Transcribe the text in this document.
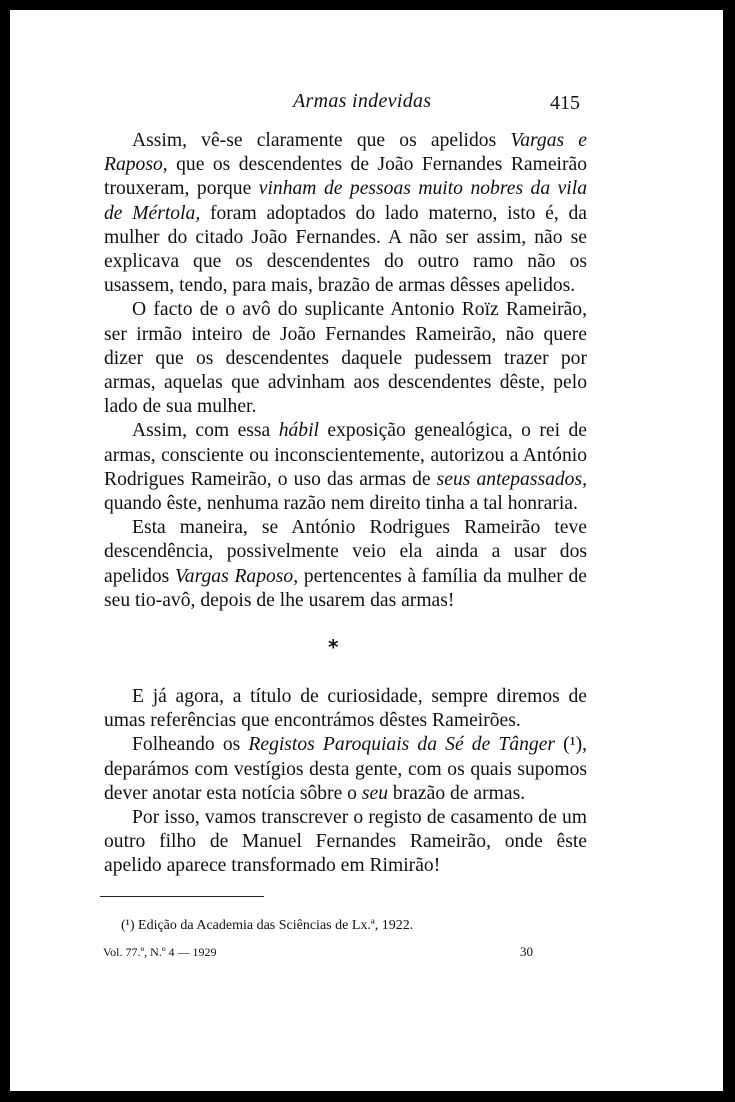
Armas indevidas	415

Assim, vê-se claramente que os apelidos Vargas e Raposo, que os descendentes de João Fernandes Rameirão trouxeram, porque vinham de pessoas muito nobres da vila de Mértola, foram adoptados do lado materno, isto é, da mulher do citado João Fernandes. A não ser assim, não se explicava que os descendentes do outro ramo não os usassem, tendo, para mais, brazão de armas dêsses apelidos.

O facto de o avô do suplicante Antonio Roïz Rameirão, ser irmão inteiro de João Fernandes Rameirão, não quere dizer que os descendentes daquele pudessem trazer por armas, aquelas que advinham aos descendentes dêste, pelo lado de sua mulher.

Assim, com essa hábil exposição genealógica, o rei de armas, consciente ou inconscientemente, autorizou a António Rodrigues Rameirão, o uso das armas de seus antepassados, quando êste, nenhuma razão nem direito tinha a tal honraria.

Esta maneira, se António Rodrigues Rameirão teve descendência, possivelmente veio ela ainda a usar dos apelidos Vargas Raposo, pertencentes à família da mulher de seu tio-avô, depois de lhe usarem das armas!

*

E já agora, a título de curiosidade, sempre diremos de umas referências que encontrámos dêstes Rameirões.

Folheando os Registos Paroquiais da Sé de Tânger (¹), deparámos com vestígios desta gente, com os quais supomos dever anotar esta notícia sôbre o seu brazão de armas.

Por isso, vamos transcrever o registo de casamento de um outro filho de Manuel Fernandes Rameirão, onde êste apelido aparece transformado em Rimirão!

(¹) Edição da Academia das Sciências de Lx.ª, 1922.
Vol. 77.º, N.º 4 — 1929	30
